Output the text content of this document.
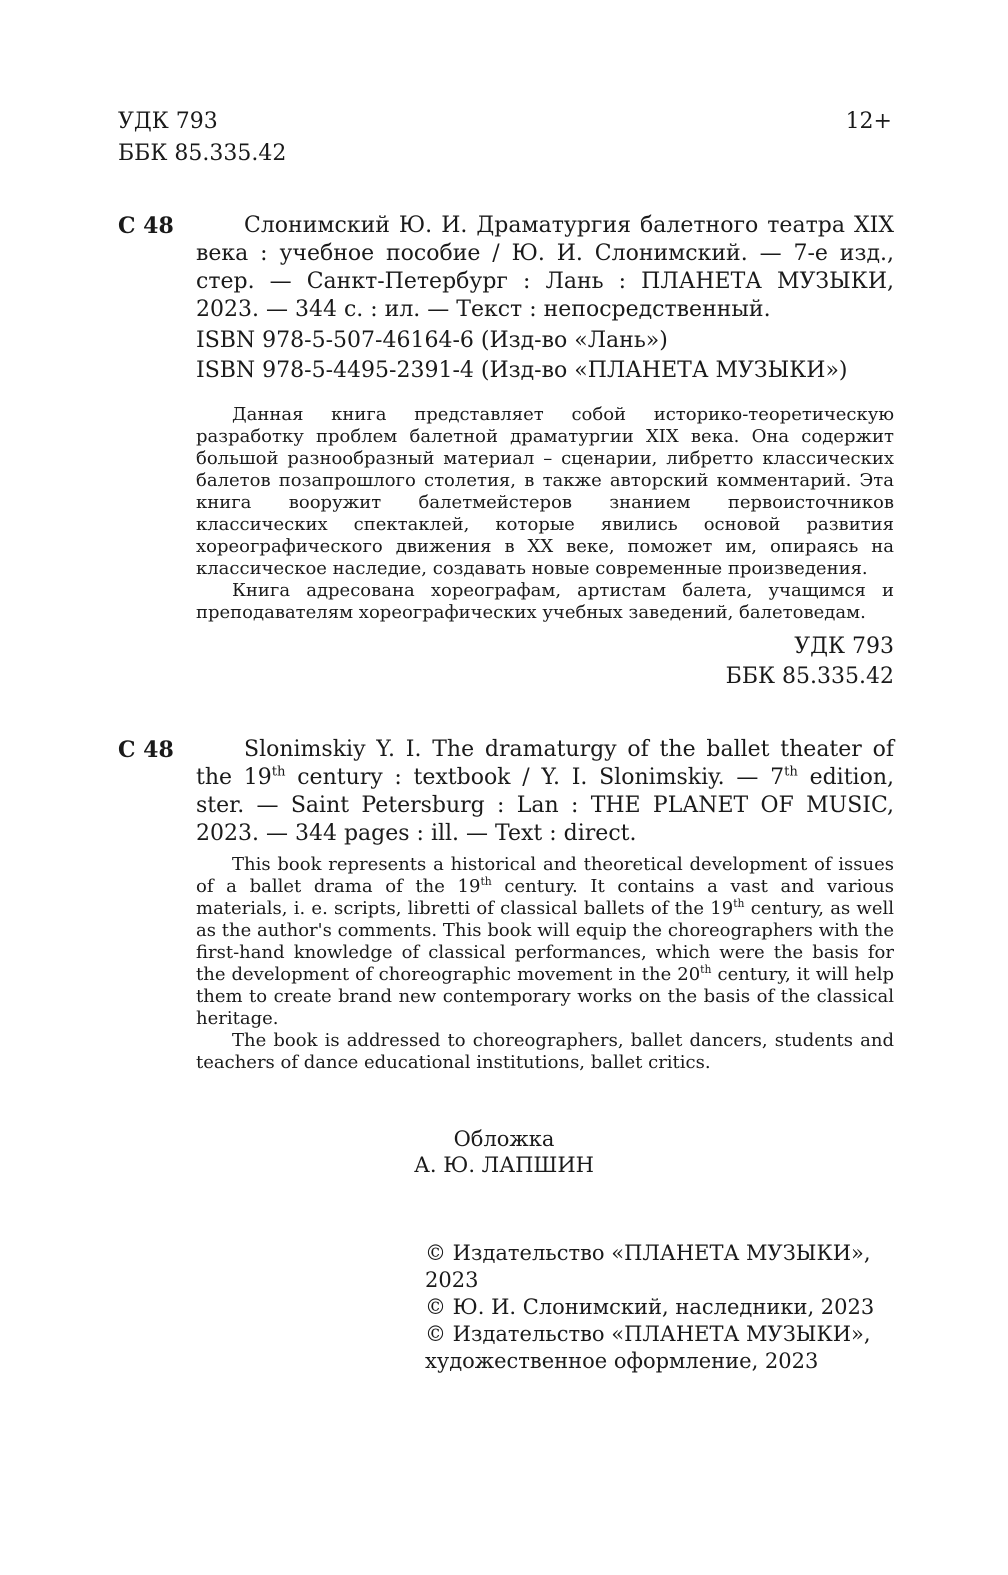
УДК 793
ББК 85.335.42
12+
С 48	Слонимский Ю. И. Драматургия балетного театра XIX века : учебное пособие / Ю. И. Слонимский. — 7-е изд., стер. — Санкт-Петербург : Лань : ПЛАНЕТА МУЗЫКИ, 2023. — 344 с. : ил. — Текст : непосредственный.

ISBN 978-5-507-46164-6 (Изд-во «Лань»)
ISBN 978-5-4495-2391-4 (Изд-во «ПЛАНЕТА МУЗЫКИ»)

Данная книга представляет собой историко-теоретическую разработку проблем балетной драматургии XIX века. Она содержит большой разнообразный материал – сценарии, либретто классических балетов позапрошлого столетия, в также авторский комментарий. Эта книга вооружит балетмейстеров знанием первоисточников классических спектаклей, которые явились основой развития хореографического движения в XX веке, поможет им, опираясь на классическое наследие, создавать новые современные произведения.

Книга адресована хореографам, артистам балета, учащимся и преподавателям хореографических учебных заведений, балетоведам.

УДК 793
ББК 85.335.42
С 48	Slonimskiy Y. I. The dramaturgy of the ballet theater of the 19th century : textbook / Y. I. Slonimskiy. — 7th edition, ster. — Saint Petersburg : Lan : THE PLANET OF MUSIC, 2023. — 344 pages : ill. — Text : direct.

This book represents a historical and theoretical development of issues of a ballet drama of the 19th century. It contains a vast and various materials, i. e. scripts, libretti of classical ballets of the 19th century, as well as the author's comments. This book will equip the choreographers with the first-hand knowledge of classical performances, which were the basis for the development of choreographic movement in the 20th century, it will help them to create brand new contemporary works on the basis of the classical heritage.

The book is addressed to choreographers, ballet dancers, students and teachers of dance educational institutions, ballet critics.

Обложка
А. Ю. ЛАПШИН
© Издательство «ПЛАНЕТА МУЗЫКИ», 2023
© Ю. И. Слонимский, наследники, 2023
© Издательство «ПЛАНЕТА МУЗЫКИ», художественное оформление, 2023
